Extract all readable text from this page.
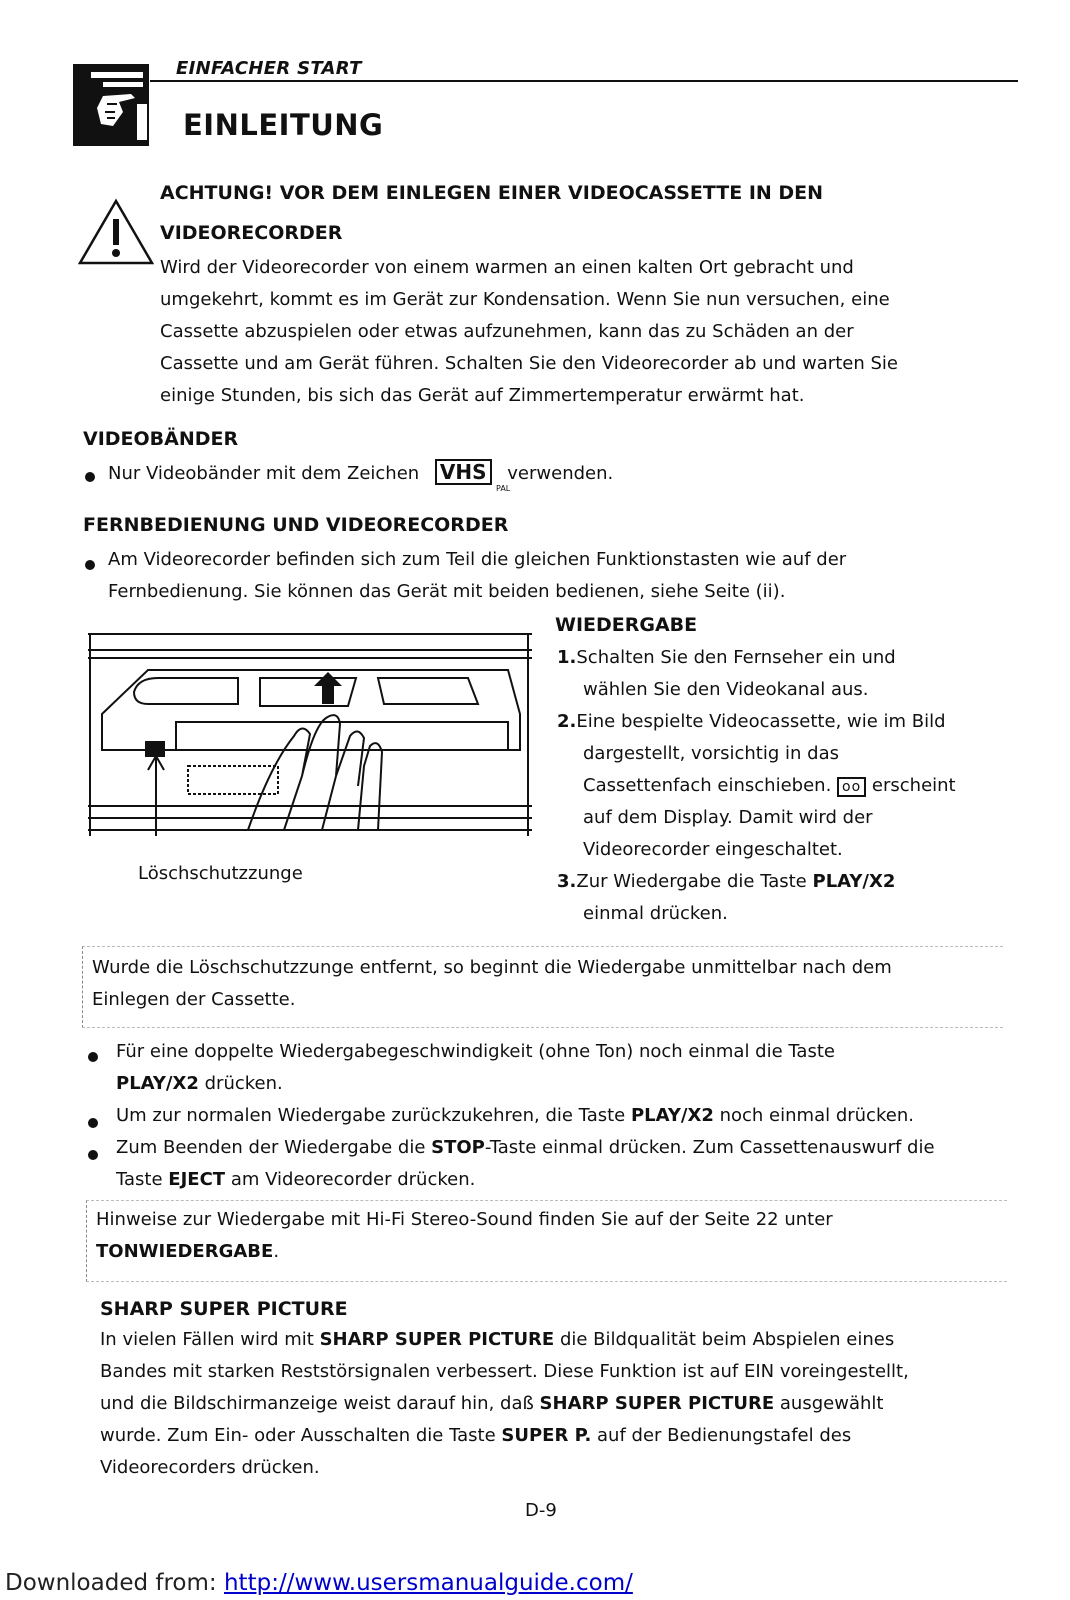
EINFACHER START
EINLEITUNG
ACHTUNG! VOR DEM EINLEGEN EINER VIDEOCASSETTE IN DEN
VIDEORECORDER
Wird der Videorecorder von einem warmen an einen kalten Ort gebracht und
umgekehrt, kommt es im Gerät zur Kondensation. Wenn Sie nun versuchen, eine
Cassette abzuspielen oder etwas aufzunehmen, kann das zu Schäden an der
Cassette und am Gerät führen. Schalten Sie den Videorecorder ab und warten Sie
einige Stunden, bis sich das Gerät auf Zimmertemperatur erwärmt hat.
VIDEOBÄNDER
Nur Videobänder mit dem Zeichen VHS verwenden.
PAL
FERNBEDIENUNG UND VIDEORECORDER
Am Videorecorder befinden sich zum Teil die gleichen Funktionstasten wie auf der
Fernbedienung. Sie können das Gerät mit beiden bedienen, siehe Seite (ii).
Löschschutzzunge
WIEDERGABE
1.Schalten Sie den Fernseher ein und
wählen Sie den Videokanal aus.
2.Eine bespielte Videocassette, wie im Bild
dargestellt, vorsichtig in das
Cassettenfach einschieben. oo erscheint
auf dem Display. Damit wird der
Videorecorder eingeschaltet.
3.Zur Wiedergabe die Taste PLAY/X2
einmal drücken.
Wurde die Löschschutzzunge entfernt, so beginnt die Wiedergabe unmittelbar nach dem
Einlegen der Cassette.
Für eine doppelte Wiedergabegeschwindigkeit (ohne Ton) noch einmal die Taste
PLAY/X2 drücken.
Um zur normalen Wiedergabe zurückzukehren, die Taste PLAY/X2 noch einmal drücken.
Zum Beenden der Wiedergabe die STOP-Taste einmal drücken. Zum Cassettenauswurf die
Taste EJECT am Videorecorder drücken.
Hinweise zur Wiedergabe mit Hi-Fi Stereo-Sound finden Sie auf der Seite 22 unter
TONWIEDERGABE.
SHARP SUPER PICTURE
In vielen Fällen wird mit SHARP SUPER PICTURE die Bildqualität beim Abspielen eines
Bandes mit starken Reststörsignalen verbessert. Diese Funktion ist auf EIN voreingestellt,
und die Bildschirmanzeige weist darauf hin, daß SHARP SUPER PICTURE ausgewählt
wurde. Zum Ein- oder Ausschalten die Taste SUPER P. auf der Bedienungstafel des
Videorecorders drücken.
D-9
Downloaded from: http://www.usersmanualguide.com/
